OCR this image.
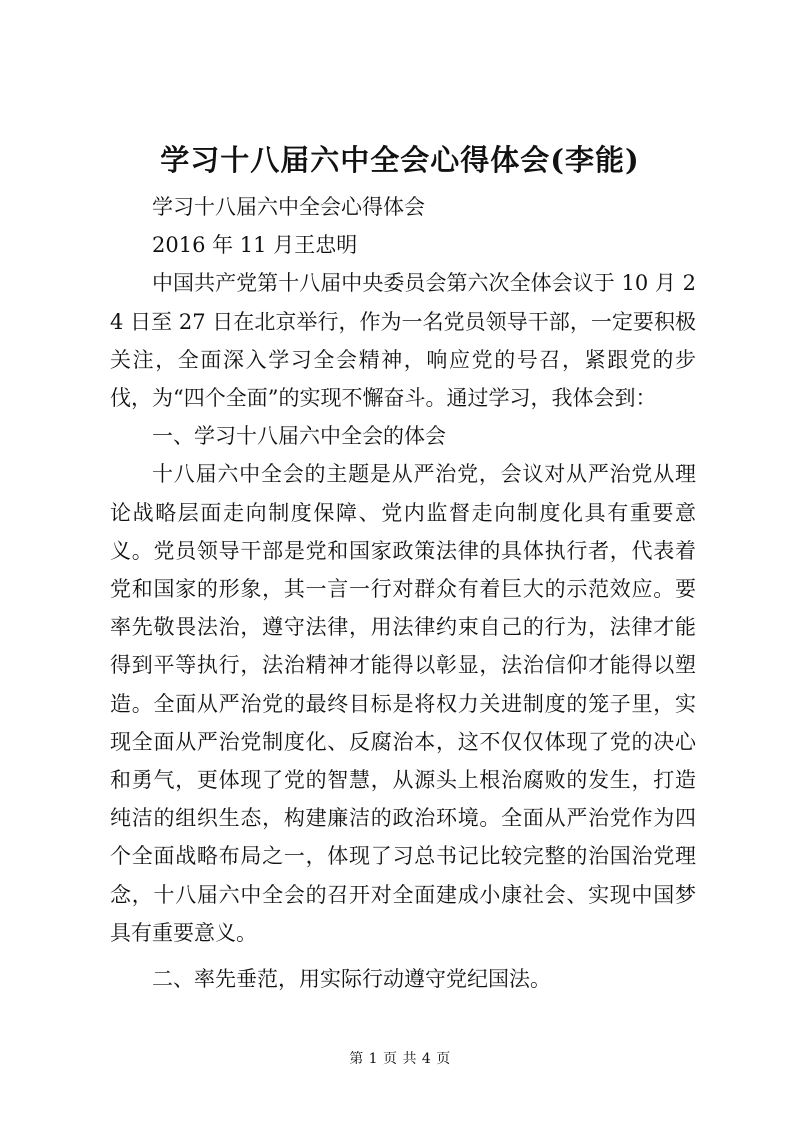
学习十八届六中全会心得体会(李能)

学习十八届六中全会心得体会

2016 年 11 月王忠明

中国共产党第十八届中央委员会第六次全体会议于 10 月 24 日至 27 日在北京举行，作为一名党员领导干部，一定要积极关注，全面深入学习全会精神，响应党的号召，紧跟党的步伐，为“四个全面”的实现不懈奋斗。通过学习，我体会到：

一、学习十八届六中全会的体会

十八届六中全会的主题是从严治党，会议对从严治党从理论战略层面走向制度保障、党内监督走向制度化具有重要意义。党员领导干部是党和国家政策法律的具体执行者，代表着党和国家的形象，其一言一行对群众有着巨大的示范效应。要率先敬畏法治，遵守法律，用法律约束自己的行为，法律才能得到平等执行，法治精神才能得以彰显，法治信仰才能得以塑造。全面从严治党的最终目标是将权力关进制度的笼子里，实现全面从严治党制度化、反腐治本，这不仅仅体现了党的决心和勇气，更体现了党的智慧，从源头上根治腐败的发生，打造纯洁的组织生态，构建廉洁的政治环境。全面从严治党作为四个全面战略布局之一，体现了习总书记比较完整的治国治党理念，十八届六中全会的召开对全面建成小康社会、实现中国梦具有重要意义。

二、率先垂范，用实际行动遵守党纪国法。

第 1 页 共 4 页
